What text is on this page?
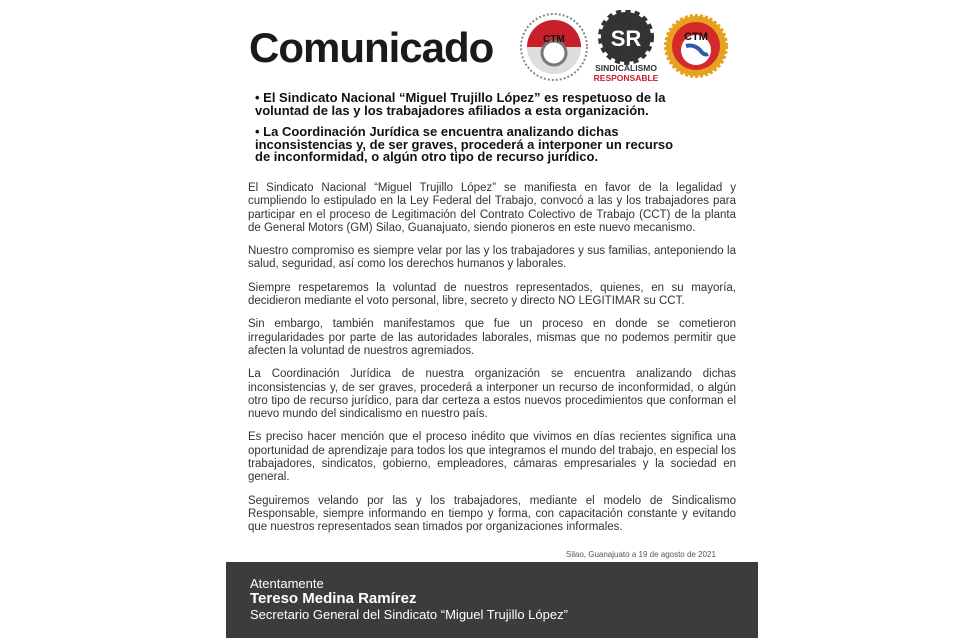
Comunicado	CTM SR
SINDICALISMO
RESPONSABLE
CTM

• El Sindicato Nacional “Miguel Trujillo López” es respetuoso de la voluntad de las y los trabajadores afiliados a esta organización.

• La Coordinación Jurídica se encuentra analizando dichas inconsistencias y, de ser graves, procederá a interponer un recurso de inconformidad, o algún otro tipo de recurso jurídico.

El Sindicato Nacional “Miguel Trujillo López” se manifiesta en favor de la legalidad y cumpliendo lo estipulado en la Ley Federal del Trabajo, convocó a las y los trabajadores para participar en el proceso de Legitimación del Contrato Colectivo de Trabajo (CCT) de la planta de General Motors (GM) Silao, Guanajuato, siendo pioneros en este nuevo mecanismo.

Nuestro compromiso es siempre velar por las y los trabajadores y sus familias, anteponiendo la salud, seguridad, así como los derechos humanos y laborales.

Siempre respetaremos la voluntad de nuestros representados, quienes, en su mayoría, decidieron mediante el voto personal, libre, secreto y directo NO LEGITIMAR su CCT.

Sin embargo, también manifestamos que fue un proceso en donde se cometieron irregularidades por parte de las autoridades laborales, mismas que no podemos permitir que afecten la voluntad de nuestros agremiados.

La Coordinación Jurídica de nuestra organización se encuentra analizando dichas inconsistencias y, de ser graves, procederá a interponer un recurso de inconformidad, o algún otro tipo de recurso jurídico, para dar certeza a estos nuevos procedimientos que conforman el nuevo mundo del sindicalismo en nuestro país.

Es preciso hacer mención que el proceso inédito que vivimos en días recientes significa una oportunidad de aprendizaje para todos los que integramos el mundo del trabajo, en especial los trabajadores, sindicatos, gobierno, empleadores, cámaras empresariales y la sociedad en general.

Seguiremos velando por las y los trabajadores, mediante el modelo de Sindicalismo Responsable, siempre informando en tiempo y forma, con capacitación constante y evitando que nuestros representados sean timados por organizaciones informales.

Silao, Guanajuato a 19 de agosto de 2021
Atentamente
Tereso Medina Ramírez
Secretario General del Sindicato “Miguel Trujillo López”
